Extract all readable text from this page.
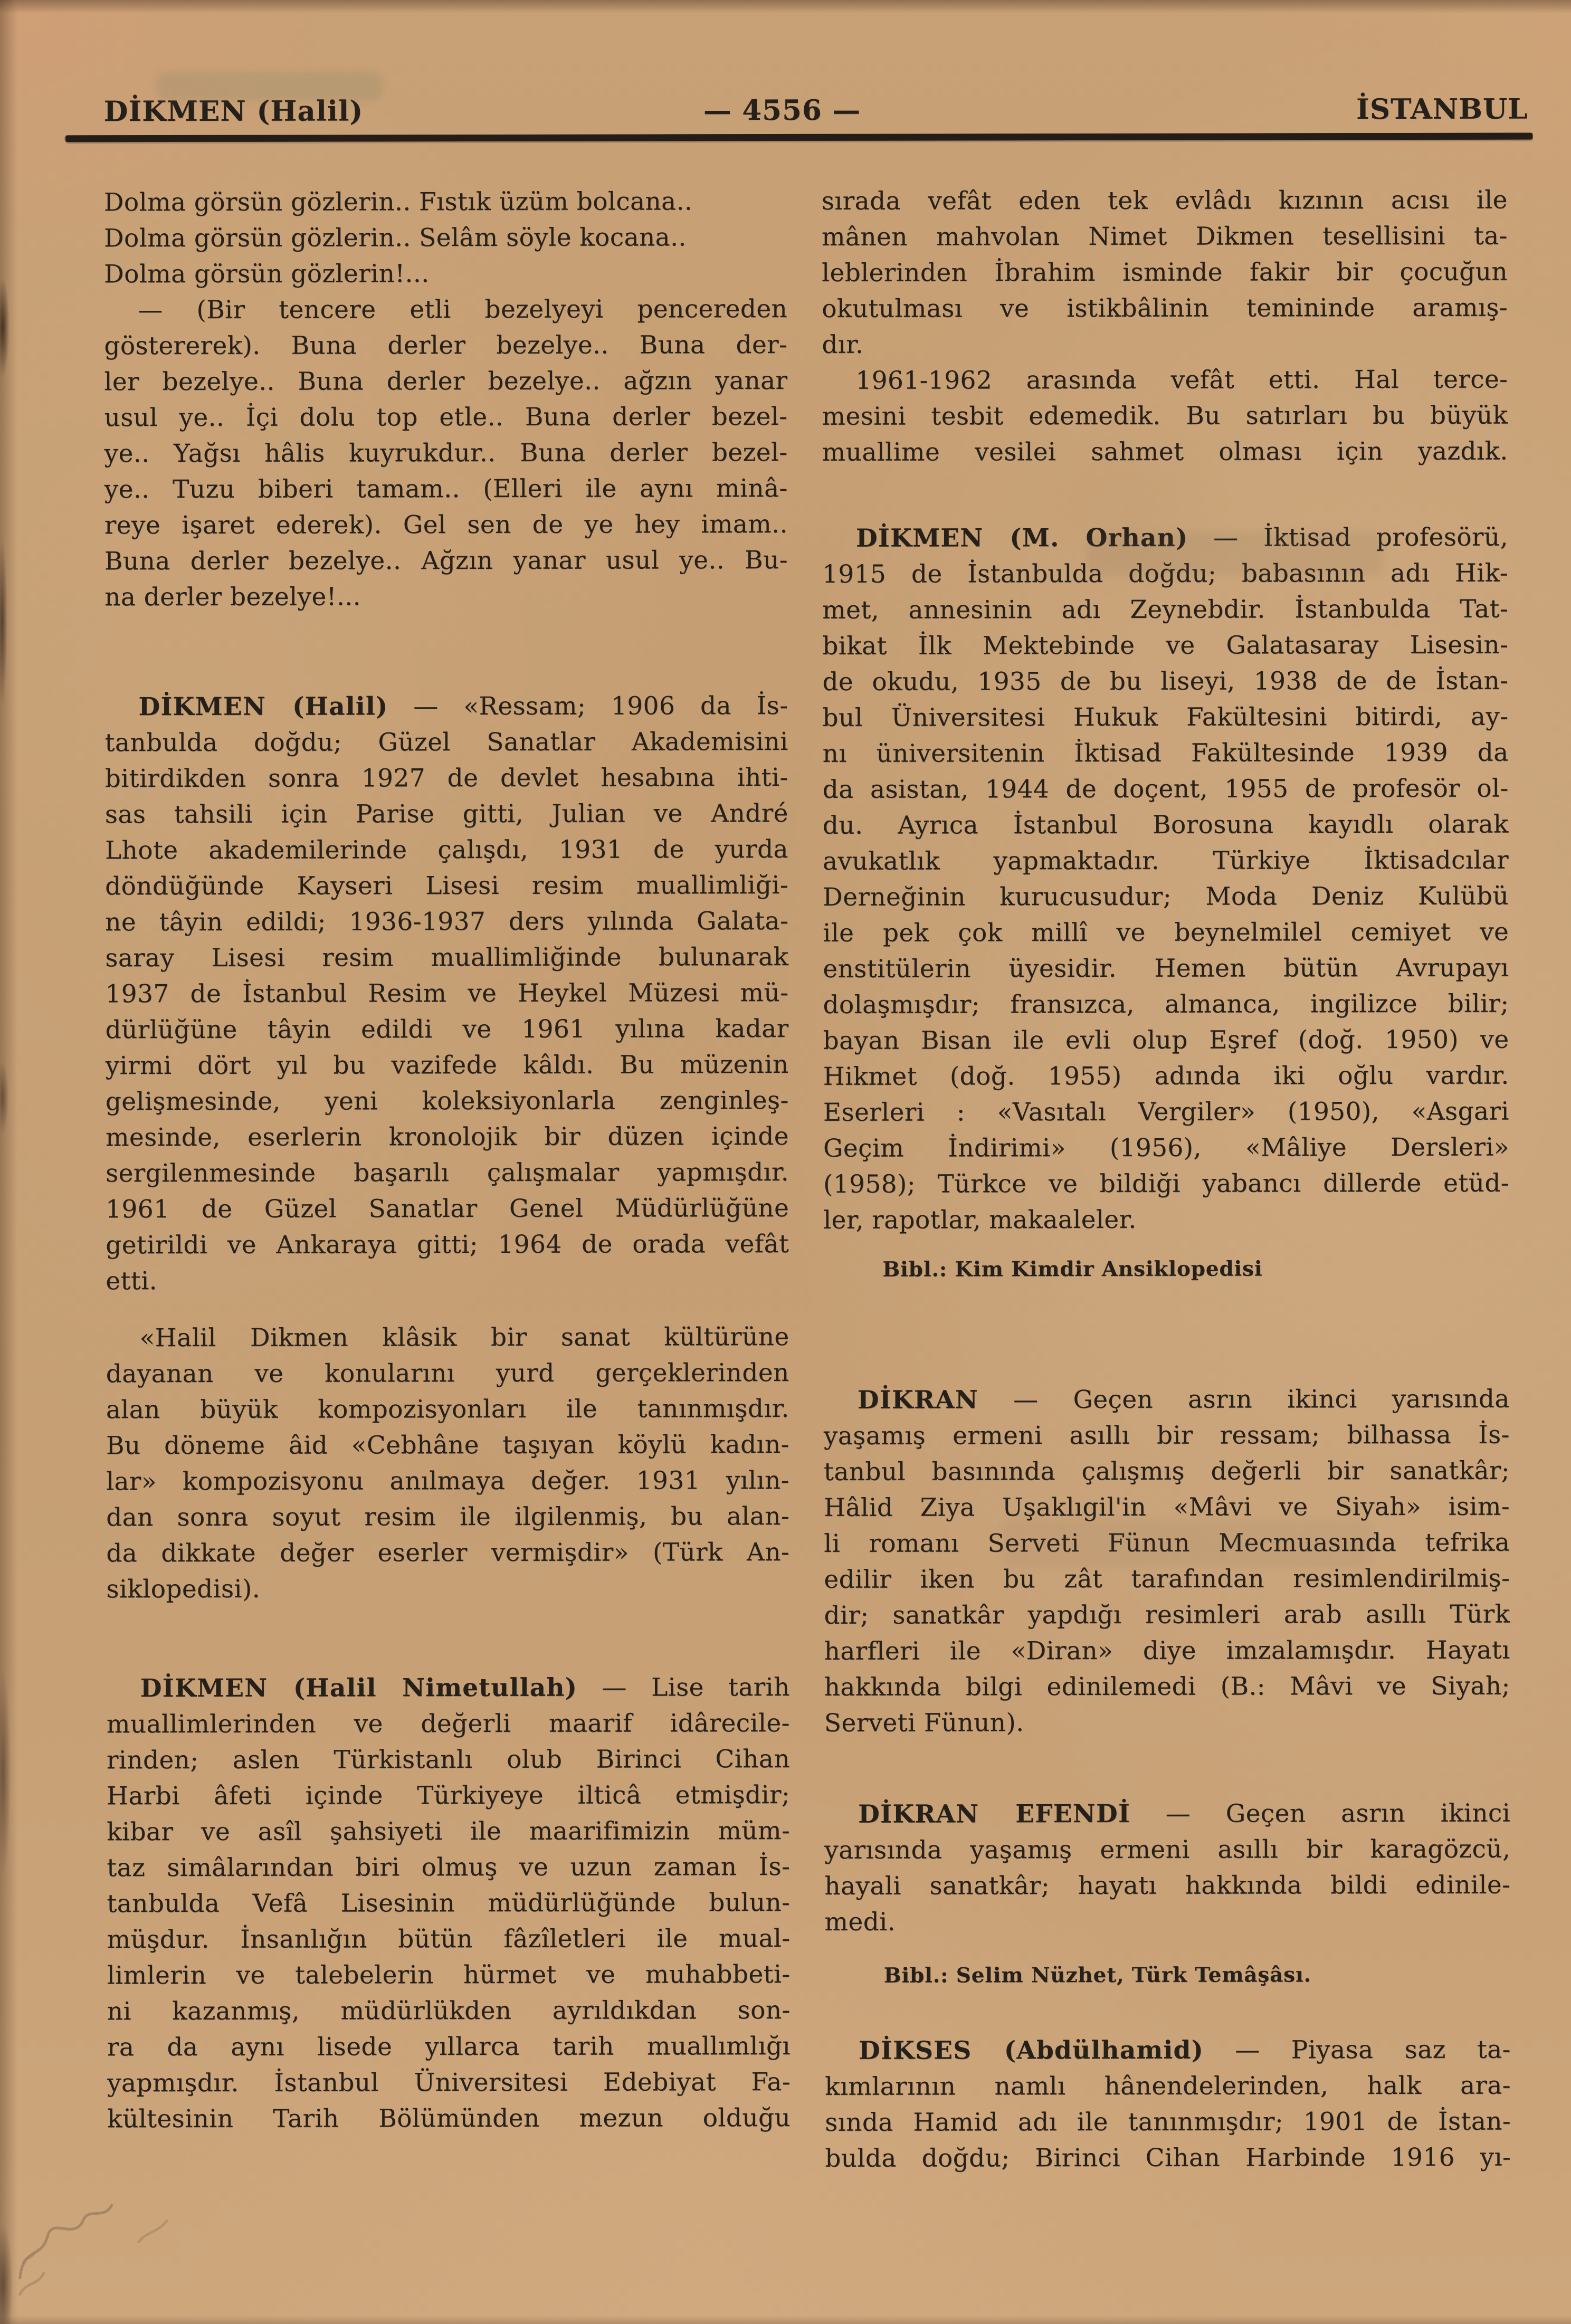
DİKMEN (Halil)	— 4556 —	İSTANBUL
Dolma görsün gözlerin.. Fıstık üzüm bolcana..
Dolma görsün gözlerin.. Selâm söyle kocana..
Dolma görsün gözlerin!...
— (Bir tencere etli bezelyeyi pencereden
göstererek). Buna derler bezelye.. Buna der-
ler bezelye.. Buna derler bezelye.. ağzın yanar
usul ye.. İçi dolu top etle.. Buna derler bezel-
ye.. Yağsı hâlis kuyrukdur.. Buna derler bezel-
ye.. Tuzu biberi tamam.. (Elleri ile aynı minâ-
reye işaret ederek). Gel sen de ye hey imam..
Buna derler bezelye.. Ağzın yanar usul ye.. Bu-
na derler bezelye!...
DİKMEN (Halil) — «Ressam; 1906 da İs-
tanbulda doğdu; Güzel Sanatlar Akademisini
bitirdikden sonra 1927 de devlet hesabına ihti-
sas tahsili için Parise gitti, Julian ve André
Lhote akademilerinde çalışdı, 1931 de yurda
döndüğünde Kayseri Lisesi resim muallimliği-
ne tâyin edildi; 1936-1937 ders yılında Galata-
saray Lisesi resim muallimliğinde bulunarak
1937 de İstanbul Resim ve Heykel Müzesi mü-
dürlüğüne tâyin edildi ve 1961 yılına kadar
yirmi dört yıl bu vazifede kâldı. Bu müzenin
gelişmesinde, yeni koleksiyonlarla zenginleş-
mesinde, eserlerin kronolojik bir düzen içinde
sergilenmesinde başarılı çalışmalar yapmışdır.
1961 de Güzel Sanatlar Genel Müdürlüğüne
getirildi ve Ankaraya gitti; 1964 de orada vefât
etti.
«Halil Dikmen klâsik bir sanat kültürüne
dayanan ve konularını yurd gerçeklerinden
alan büyük kompozisyonları ile tanınmışdır.
Bu döneme âid «Cebhâne taşıyan köylü kadın-
lar» kompozisyonu anılmaya değer. 1931 yılın-
dan sonra soyut resim ile ilgilenmiş, bu alan-
da dikkate değer eserler vermişdir» (Türk An-
siklopedisi).
DİKMEN (Halil Nimetullah) — Lise tarih
muallimlerinden ve değerli maarif idârecile-
rinden; aslen Türkistanlı olub Birinci Cihan
Harbi âfeti içinde Türkiyeye ilticâ etmişdir;
kibar ve asîl şahsiyeti ile maarifimizin müm-
taz simâlarından biri olmuş ve uzun zaman İs-
tanbulda Vefâ Lisesinin müdürlüğünde bulun-
müşdur. İnsanlığın bütün fâzîletleri ile mual-
limlerin ve talebelerin hürmet ve muhabbeti-
ni kazanmış, müdürlükden ayrıldıkdan son-
ra da aynı lisede yıllarca tarih muallımlığı
yapmışdır. İstanbul Üniversitesi Edebiyat Fa-
kültesinin Tarih Bölümünden mezun olduğu
sırada vefât eden tek evlâdı kızının acısı ile
mânen mahvolan Nimet Dikmen tesellisini ta-
leblerinden İbrahim isminde fakir bir çocuğun
okutulması ve istikbâlinin temininde aramış-
dır.
1961-1962 arasında vefât etti. Hal terce-
mesini tesbit edemedik. Bu satırları bu büyük
muallime vesilei sahmet olması için yazdık.
DİKMEN (M. Orhan) — İktisad profesörü,
1915 de İstanbulda doğdu; babasının adı Hik-
met, annesinin adı Zeynebdir. İstanbulda Tat-
bikat İlk Mektebinde ve Galatasaray Lisesin-
de okudu, 1935 de bu liseyi, 1938 de de İstan-
bul Üniversitesi Hukuk Fakültesini bitirdi, ay-
nı üniversitenin İktisad Fakültesinde 1939 da
da asistan, 1944 de doçent, 1955 de profesör ol-
du. Ayrıca İstanbul Borosuna kayıdlı olarak
avukatlık yapmaktadır. Türkiye İktisadcılar
Derneğinin kurucusudur; Moda Deniz Kulübü
ile pek çok millî ve beynelmilel cemiyet ve
enstitülerin üyesidir. Hemen bütün Avrupayı
dolaşmışdır; fransızca, almanca, ingilizce bilir;
bayan Bisan ile evli olup Eşref (doğ. 1950) ve
Hikmet (doğ. 1955) adında iki oğlu vardır.
Eserleri : «Vasıtalı Vergiler» (1950), «Asgari
Geçim İndirimi» (1956), «Mâliye Dersleri»
(1958); Türkce ve bildiği yabancı dillerde etüd-
ler, rapotlar, makaaleler.
Bibl.: Kim Kimdir Ansiklopedisi
DİKRAN — Geçen asrın ikinci yarısında
yaşamış ermeni asıllı bir ressam; bilhassa İs-
tanbul basınında çalışmış değerli bir sanatkâr;
Hâlid Ziya Uşaklıgil'in «Mâvi ve Siyah» isim-
li romanı Serveti Fünun Mecmuasında tefrika
edilir iken bu zât tarafından resimlendirilmiş-
dir; sanatkâr yapdığı resimleri arab asıllı Türk
harfleri ile «Diran» diye imzalamışdır. Hayatı
hakkında bilgi edinilemedi (B.: Mâvi ve Siyah;
Serveti Fünun).
DİKRAN EFENDİ — Geçen asrın ikinci
yarısında yaşamış ermeni asıllı bir karagözcü,
hayali sanatkâr; hayatı hakkında bildi edinile-
medi.
Bibl.: Selim Nüzhet, Türk Temâşâsı.
DİKSES (Abdülhamid) — Piyasa saz ta-
kımlarının namlı hânendelerinden, halk ara-
sında Hamid adı ile tanınmışdır; 1901 de İstan-
bulda doğdu; Birinci Cihan Harbinde 1916 yı-
